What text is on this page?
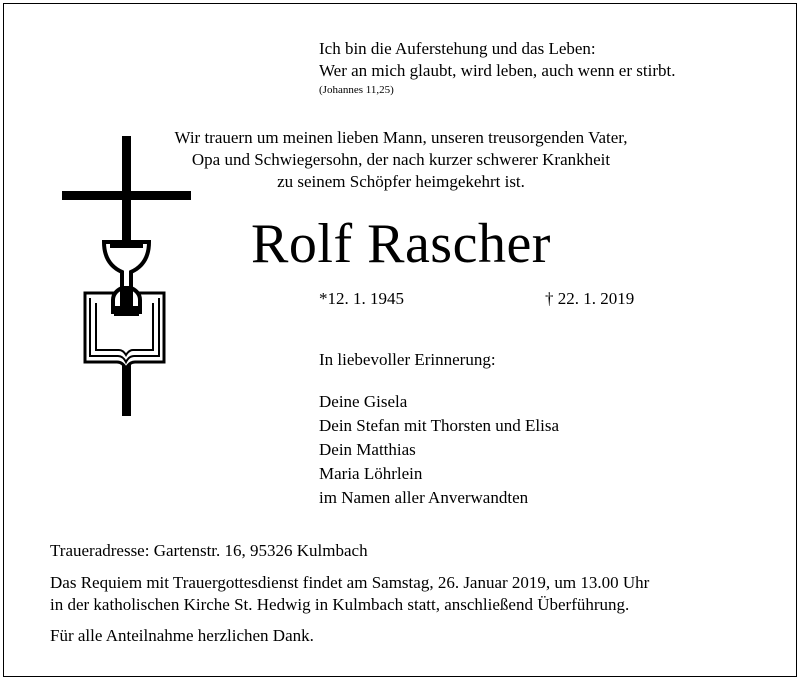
Ich bin die Auferstehung und das Leben:
Wer an mich glaubt, wird leben, auch wenn er stirbt.
(Johannes 11,25)
Wir trauern um meinen lieben Mann, unseren treusorgenden Vater,
Opa und Schwiegersohn, der nach kurzer schwerer Krankheit
zu seinem Schöpfer heimgekehrt ist.
Rolf Rascher
*12. 1. 1945	† 22. 1. 2019
In liebevoller Erinnerung:
Deine Gisela
Dein Stefan mit Thorsten und Elisa
Dein Matthias
Maria Löhrlein
im Namen aller Anverwandten
Traueradresse: Gartenstr. 16, 95326 Kulmbach
Das Requiem mit Trauergottesdienst findet am Samstag, 26. Januar 2019, um 13.00 Uhr
in der katholischen Kirche St. Hedwig in Kulmbach statt, anschließend Überführung.
Für alle Anteilnahme herzlichen Dank.
